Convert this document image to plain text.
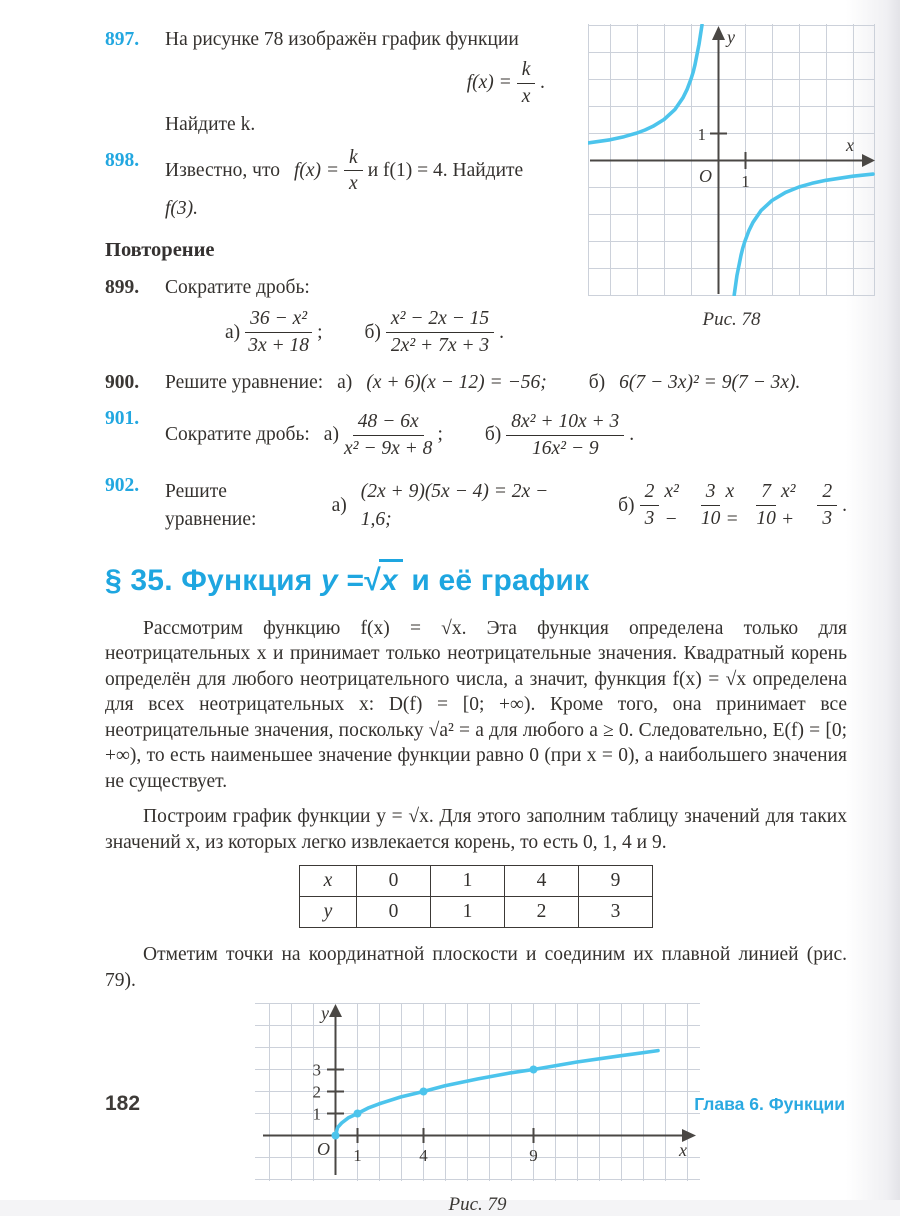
897.	На рисунке 78 изображён график функции
$f(x) = \frac{k}{x}$ .
Найдите k.
898.	Известно, что $f(x) = \frac{k}{x}$ и f(1) = 4. Найдите
f(3).
Повторение
899.	Сократите дробь:
$а) \frac{\text{36 − x²}}{3x + 18}$ ; $б) \frac{\text{x² − 2x − 15}}{\text{2x² + 7x + 3}}$ .
y
x
O
1
1
Рис. 78
900.	Решите уравнение: а) (x + 6)(x − 12) = −56; б) 6(7 − 3x)² = 9(7 − 3x).
901.
Сократите дробь: $а) \frac{48 - 6x}{\text{x² − 9x + 8}}$ ; $б) \frac{\text{8x² + 10x + 3}}{\text{16x² − 9}}$ .
902.	Решите уравнение:
а)
(2x + 9)(5x − 4) = 2x − 1,6;
$б) \frac{2}{3} x^2$ −	$\frac{3}{10}$ $x = \frac{7}{10} x^2$ +	$\frac{2}{3}$ .
§ 35. Функция y =√x и её график

Рассмотрим функцию f(x) = √x. Эта функция определена только для неотрицательных x и принимает только неотрицательные значения. Квадратный корень определён для любого неотрицательного числа, а значит, функция f(x) = √x определена для всех неотрицательных x: D(f) = [0; +∞). Кроме того, она принимает все неотрицательные значения, поскольку √a² = a для любого a ≥ 0. Следовательно, E(f) = [0; +∞), то есть наименьшее значение функции равно 0 (при x = 0), а наибольшего значения не существует.

Построим график функции y = √x. Для этого заполним таблицу значений для таких значений x, из которых легко извлекается корень, то есть 0, 1, 4 и 9.

x	0	1	4	9
y	0	1	2	3

Отметим точки на координатной плоскости и соединим их плавной линией (рис. 79).

y
x
O
1
2
3
1	4	9
Рис. 79
182	Глава 6. Функции
